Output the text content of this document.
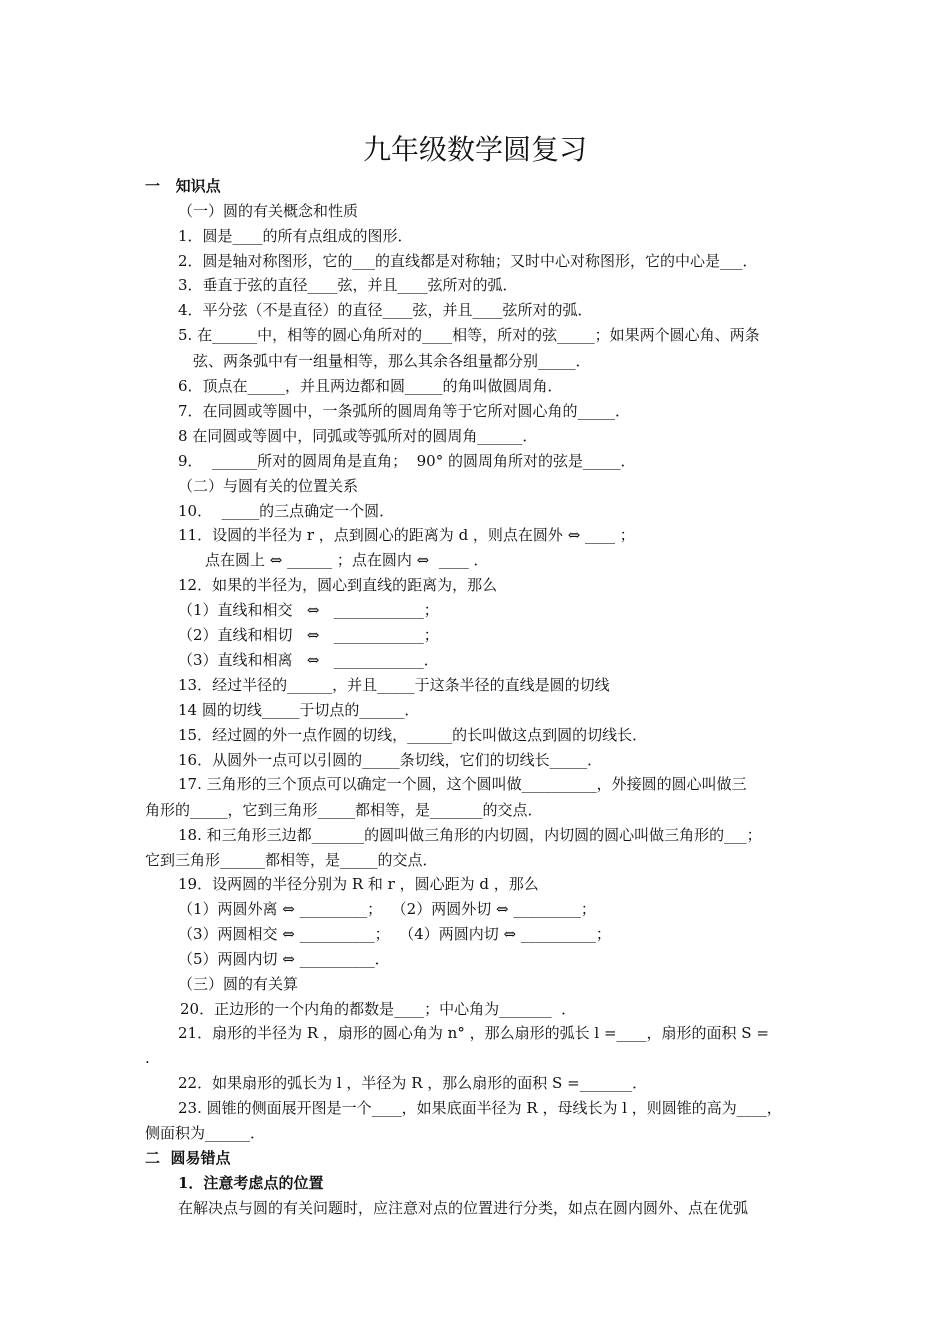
九年级数学圆复习
一   知识点
（一）圆的有关概念和性质
1．圆是____的所有点组成的图形．
2．圆是轴对称图形，它的___的直线都是对称轴；又时中心对称图形，它的中心是___．
3．垂直于弦的直径____弦，并且____弦所对的弧．
4．平分弦（不是直径）的直径____弦，并且____弦所对的弧．
5. 在______中，相等的圆心角所对的____相等，所对的弦_____；如果两个圆心角、两条
弦、两条弧中有一组量相等，那么其余各组量都分别_____．
6．顶点在_____，并且两边都和圆_____的角叫做圆周角．
7．在同圆或等圆中，一条弧所的圆周角等于它所对圆心角的_____．
8 在同圆或等圆中，同弧或等弧所对的圆周角______．
9．  ______所对的圆周角是直角；  90° 的圆周角所对的弦是_____．
（二）与圆有关的位置关系
10．  _____的三点确定一个圆．
11．设圆的半径为 r ，点到圆心的距离为 d ，则点在圆外 ⇔ ____ ；
点在圆上 ⇔ ______ ；点在圆内 ⇔  ____ ．
12．如果的半径为，圆心到直线的距离为，那么
（1）直线和相交   ⇔   ____________；
（2）直线和相切   ⇔   ____________；
（3）直线和相离   ⇔   ____________．
13．经过半径的______，并且_____于这条半径的直线是圆的切线
14 圆的切线_____于切点的______．
15．经过圆的外一点作圆的切线，______的长叫做这点到圆的切线长．
16．从圆外一点可以引圆的_____条切线，它们的切线长_____．
17. 三角形的三个顶点可以确定一个圆，这个圆叫做__________，外接圆的圆心叫做三
角形的_____，它到三角形_____都相等，是_______的交点．
18. 和三角形三边都_______的圆叫做三角形的内切圆，内切圆的圆心叫做三角形的___；
它到三角形______都相等，是_____的交点．
19．设两圆的半径分别为 R 和 r ，圆心距为 d ，那么
（1）两圆外离 ⇔ _________；  （2）两圆外切 ⇔ _________；
（3）两圆相交 ⇔ __________；  （4）两圆内切 ⇔ __________；
（5）两圆内切 ⇔ __________．
（三）圆的有关算
20．正边形的一个内角的都数是____；中心角为_______  ．
21．扇形的半径为 R ，扇形的圆心角为 n° ，那么扇形的弧长 l =____，扇形的面积 S =
.
22．如果扇形的弧长为 l ，半径为 R ，那么扇形的面积 S =_______．
23. 圆锥的侧面展开图是一个____，如果底面半径为 R ，母线长为 l ，则圆锥的高为____，
侧面积为______．
二  圆易错点
1．注意考虑点的位置
在解决点与圆的有关问题时，应注意对点的位置进行分类，如点在圆内圆外、点在优弧
